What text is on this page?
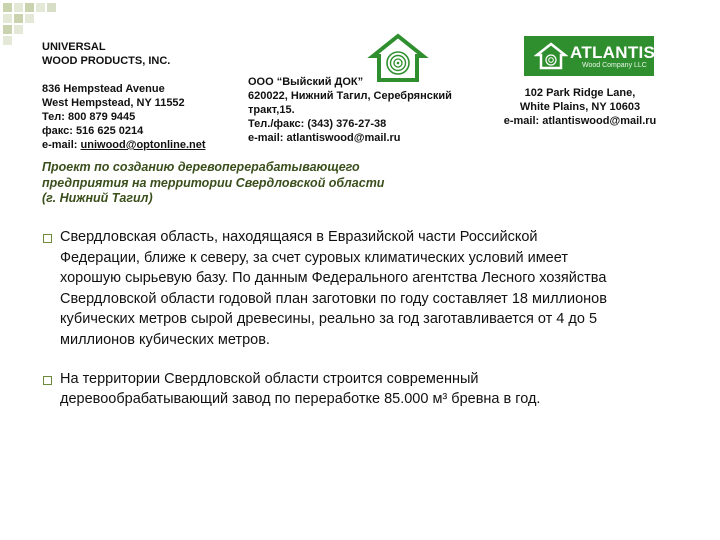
UNIVERSAL
WOOD PRODUCTS, INC.
836 Hempstead Avenue
West Hempstead, NY 11552
Тел: 800 879 9445
факс: 516 625 0214
e-mail: uniwood@optonline.net
ООО “Выйский ДОК”
620022, Нижний Тагил, Серебрянский
тракт,15.
Тел./факс: (343) 376-27-38
e-mail: atlantiswood@mail.ru
ATLANTIS
Wood Company LLC
102 Park Ridge Lane,
White Plains, NY 10603
e-mail: atlantiswood@mail.ru
Проект по созданию деревоперерабатывающего
предприятия на территории Свердловской области
(г. Нижний Тагил)
Свердловская область, находящаяся в Евразийской части Российской
Федерации, ближе к северу, за счет суровых климатических условий имеет
хорошую сырьевую базу. По данным Федерального агентства Лесного хозяйства
Свердловской области годовой план заготовки по году составляет 18 миллионов
кубических метров сырой древесины, реально за год заготавливается от 4 до 5
миллионов кубических метров.
На территории Свердловской области строится современный
деревообрабатывающий завод по переработке 85.000 м³ бревна в год.
